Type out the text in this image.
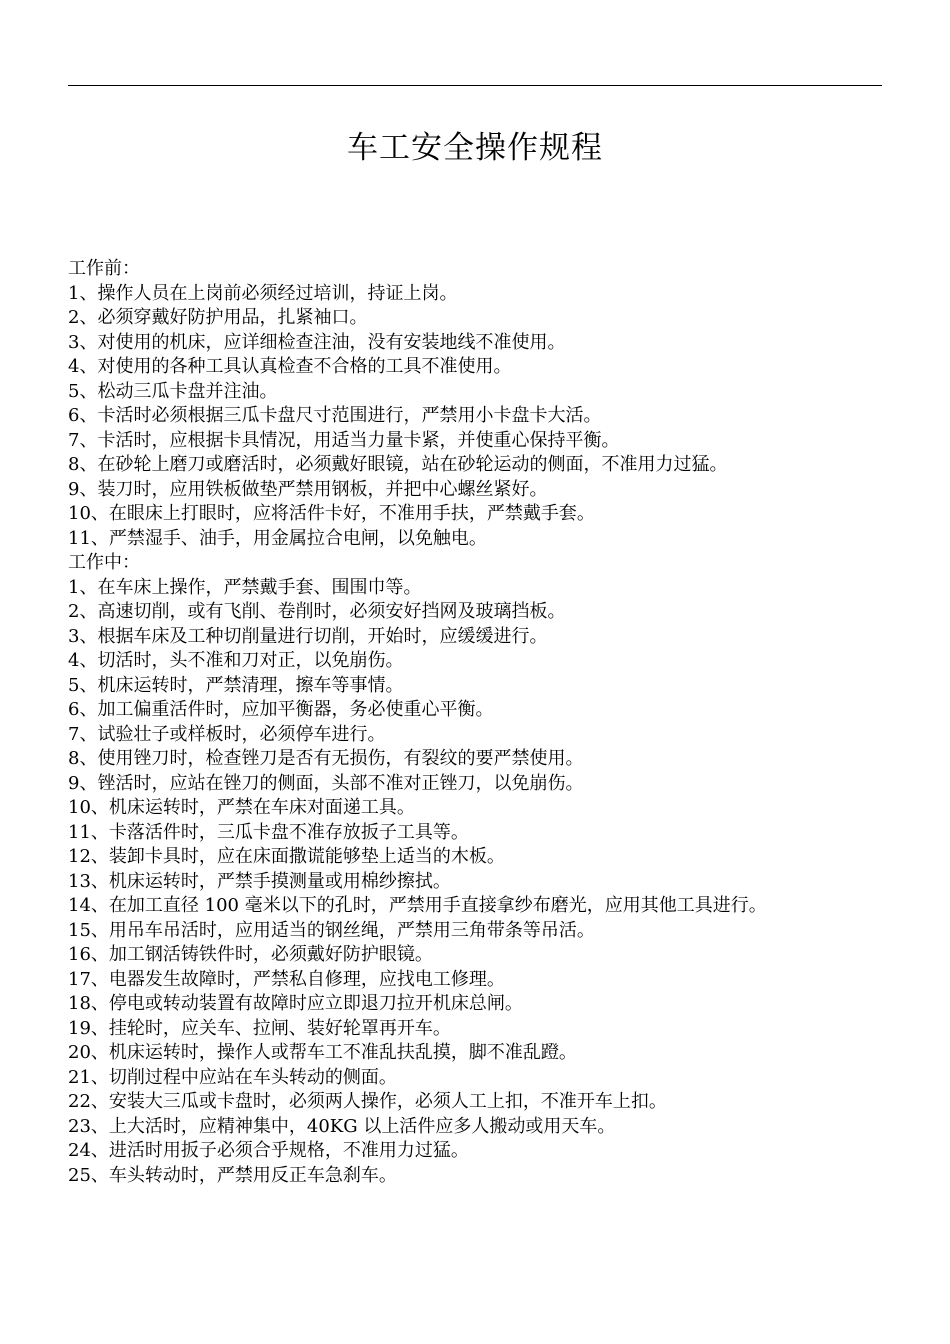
车工安全操作规程

工作前：

1、操作人员在上岗前必须经过培训，持证上岗。

2、必须穿戴好防护用品，扎紧袖口。

3、对使用的机床，应详细检查注油，没有安装地线不准使用。

4、对使用的各种工具认真检查不合格的工具不准使用。

5、松动三瓜卡盘并注油。

6、卡活时必须根据三瓜卡盘尺寸范围进行，严禁用小卡盘卡大活。

7、卡活时，应根据卡具情况，用适当力量卡紧，并使重心保持平衡。

8、在砂轮上磨刀或磨活时，必须戴好眼镜，站在砂轮运动的侧面，不准用力过猛。

9、装刀时，应用铁板做垫严禁用钢板，并把中心螺丝紧好。

10、在眼床上打眼时，应将活件卡好，不准用手扶，严禁戴手套。

11、严禁湿手、油手，用金属拉合电闸，以免触电。

工作中：

1、在车床上操作，严禁戴手套、围围巾等。

2、高速切削，或有飞削、卷削时，必须安好挡网及玻璃挡板。

3、根据车床及工种切削量进行切削，开始时，应缓缓进行。

4、切活时，头不准和刀对正，以免崩伤。

5、机床运转时，严禁清理，擦车等事情。

6、加工偏重活件时，应加平衡器，务必使重心平衡。

7、试验壮子或样板时，必须停车进行。

8、使用锉刀时，检查锉刀是否有无损伤，有裂纹的要严禁使用。

9、锉活时，应站在锉刀的侧面，头部不准对正锉刀，以免崩伤。

10、机床运转时，严禁在车床对面递工具。

11、卡落活件时，三瓜卡盘不准存放扳子工具等。

12、装卸卡具时，应在床面撒谎能够垫上适当的木板。

13、机床运转时，严禁手摸测量或用棉纱擦拭。

14、在加工直径 100 毫米以下的孔时，严禁用手直接拿纱布磨光，应用其他工具进行。

15、用吊车吊活时，应用适当的钢丝绳，严禁用三角带条等吊活。

16、加工钢活铸铁件时，必须戴好防护眼镜。

17、电器发生故障时，严禁私自修理，应找电工修理。

18、停电或转动装置有故障时应立即退刀拉开机床总闸。

19、挂轮时，应关车、拉闸、装好轮罩再开车。

20、机床运转时，操作人或帮车工不准乱扶乱摸，脚不准乱蹬。

21、切削过程中应站在车头转动的侧面。

22、安装大三瓜或卡盘时，必须两人操作，必须人工上扣，不准开车上扣。

23、上大活时，应精神集中，40KG 以上活件应多人搬动或用天车。

24、进活时用扳子必须合乎规格，不准用力过猛。

25、车头转动时，严禁用反正车急刹车。
